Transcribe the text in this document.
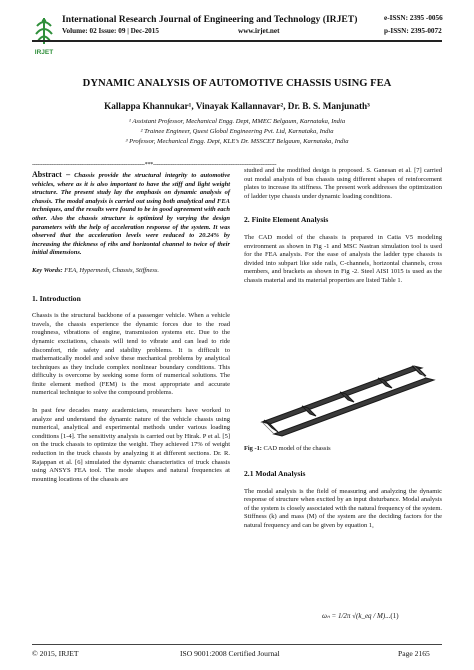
IRJET
International Research Journal of Engineering and Technology (IRJET)
Volume: 02 Issue: 09 | Dec-2015	www.irjet.net
e-ISSN: 2395 -0056
p-ISSN: 2395-0072
DYNAMIC ANALYSIS OF AUTOMOTIVE CHASSIS USING FEA
Kallappa Khannukar¹, Vinayak Kallannavar², Dr. B. S. Manjunath³
¹ Assistant Professor, Mechanical Engg. Dept, MMEC Belgaum, Karnataka, India
² Trainee Engineer, Quest Global Engineering Pvt. Ltd, Karnataka, India
³ Professor, Mechanical Engg. Dept, KLE’s Dr. MSSCET Belgaum, Karnataka, India
----------------------------------------------------------------***----------------------------------------------------------------------

Abstract – Chassis provide the structural integrity to automotive vehicles, where as it is also important to have the stiff and light weight structure. The present study lay the emphasis on dynamic analysis of chassis. The modal analysis is carried out using both analytical and FEA techniques, and the results were found to be in good agreement with each other. Also the chassis structure is optimized by varying the design parameters with the help of acceleration response of the system. It was observed that the acceleration levels were reduced to 20.24% by increasing the thickness of ribs and horizontal channel to twice of their initial dimensions.

Key Words: FEA, Hypermesh, Chassis, Stiffness.

1. Introduction

Chassis is the structural backbone of a passenger vehicle. When a vehicle travels, the chassis experience the dynamic forces due to the road roughness, vibrations of engine, transmission systems etc. Due to the dynamic excitations, chassis will tend to vibrate and can lead to ride discomfort, ride safety and stability problems. It is difficult to mathematically model and solve these mechanical problems by analytical techniques as they include complex nonlinear boundary conditions. This difficulty is overcome by seeking some form of numerical solutions. The finite element method (FEM) is the most appropriate and accurate numerical technique to solve the compound problems.

In past few decades many academicians, researchers have worked to analyze and understand the dynamic nature of the vehicle chassis using numerical, analytical and experimental methods under various loading conditions [1-4]. The sensitivity analysis is carried out by Hirak. P et al. [5] on the truck chassis to optimize the weight. They achieved 17% of weight reduction in the truck chassis by analyzing it at different sections. Dr. R. Rajappan et al. [6] simulated the dynamic characteristics of truck chassis using ANSYS FEA tool. The mode shapes and natural frequencies at mounting locations of the chassis are

studied and the modified design is proposed. S. Ganesan et al. [7] carried out modal analysis of bus chassis using different shapes of reinforcement plates to increase its stiffness. The present work addresses the optimization of ladder type chassis under dynamic loading conditions.

2. Finite Element Analysis

The CAD model of the chassis is prepared in Catia V5 modeling environment as shown in Fig -1 and MSC Nastran simulation tool is used for the FEA analysis. For the ease of analysis the ladder type chassis is divided into subpart like side rails, C-channels, horizontal channels, cross members, and brackets as shown in Fig -2. Steel AISI 1015 is used as the chassis material and its material properties are listed Table 1.

Fig -1: CAD model of the chassis
2.1 Modal Analysis

The modal analysis is the field of measuring and analyzing the dynamic response of structure when excited by an input disturbance. Modal analysis of the system is closely associated with the natural frequency of the system. Stiffness (k) and mass (M) of the system are the deciding factors for the natural frequency and can be given by equation 1,

ωₙ = 1/2π √(k_eq / M)...(1)
© 2015, IRJET	ISO 9001:2008 Certified Journal	Page 2165
